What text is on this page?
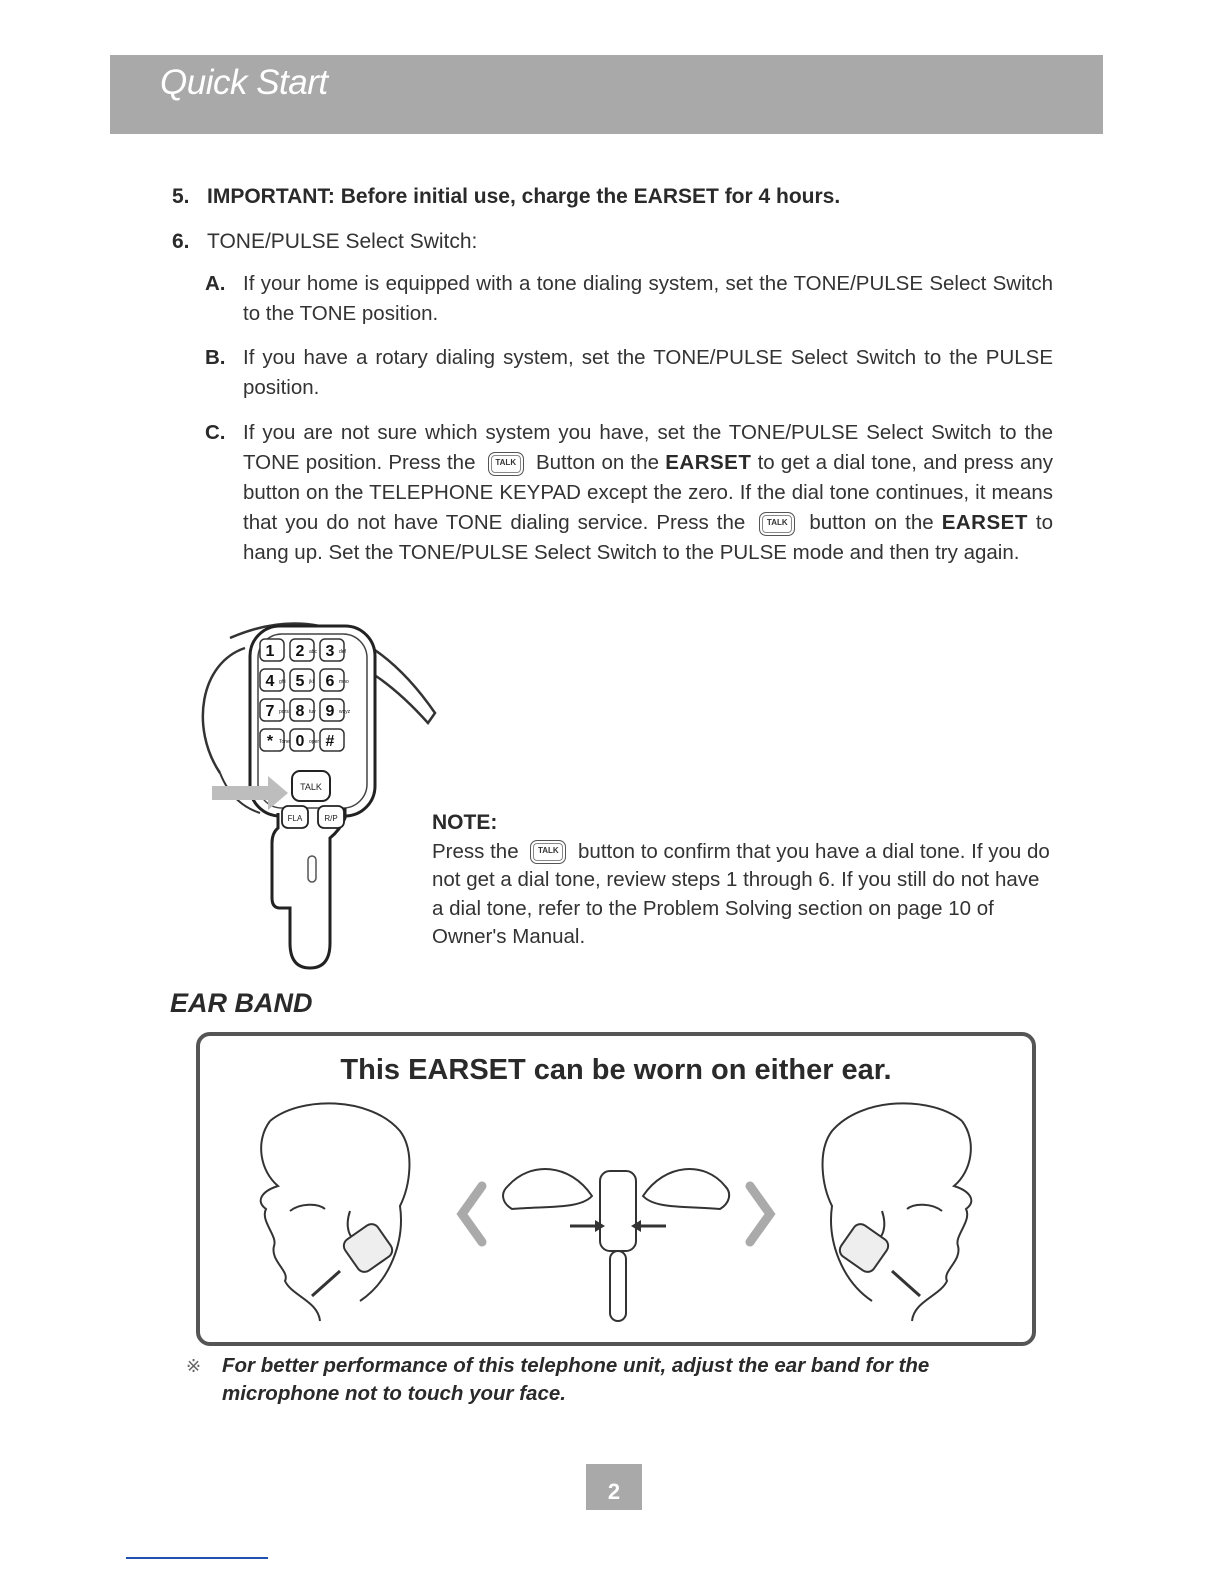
Quick Start
5. IMPORTANT: Before initial use, charge the EARSET for 4 hours.
6. TONE/PULSE Select Switch:
A. If your home is equipped with a tone dialing system, set the TONE/PULSE Select Switch to the TONE position.
B. If you have a rotary dialing system, set the TONE/PULSE Select Switch to the PULSE position.
C. If you are not sure which system you have, set the TONE/PULSE Select Switch to the TONE position. Press the	TALK Button on the EARSET to get a dial tone, and press any button on the TELEPHONE KEYPAD except the zero. If the dial tone continues, it means that you do not have TONE dialing service. Press the	TALK	button on the EARSET to hang up. Set the TONE/PULSE Select Switch to the PULSE mode and then try again.
1 2 abc 3 def
4 ghi 5 jkl 6 mno
7 pqrs 8 tuv 9 wxyz
* Tone 0 oper #
TALK
FLA	R/P	NOTE:
Press the	TALK button to confirm that you have a dial tone. If you do not get a dial tone, review steps 1 through 6. If you still do not have a dial tone, refer to the Problem Solving section on page 10 of Owner's Manual.
EAR BAND
This EARSET can be worn on either ear.
※ For better performance of this telephone unit, adjust the ear band for the microphone not to touch your face.
2
